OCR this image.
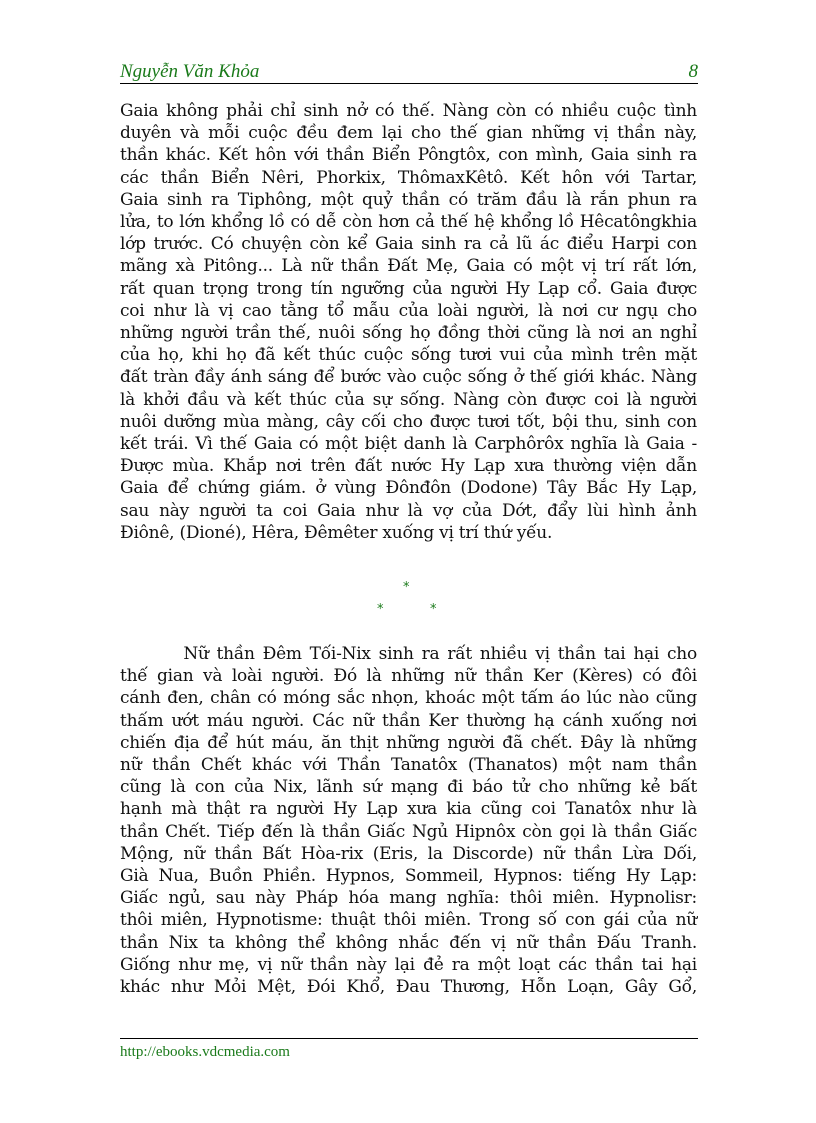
Nguyễn Văn Khỏa	8
Gaia không phải chỉ sinh nở có thế. Nàng còn có nhiều cuộc tình
duyên và mỗi cuộc đều đem lại cho thế gian những vị thần này,
thần khác. Kết hôn với thần Biển Pôngtôx, con mình, Gaia sinh ra
các thần Biển Nêri, Phorkix, ThômaxKêtô. Kết hôn với Tartar,
Gaia sinh ra Tiphông, một quỷ thần có trăm đầu là rắn phun ra
lửa, to lớn khổng lồ có dễ còn hơn cả thế hệ khổng lồ Hêcatôngkhia
lớp trước. Có chuyện còn kể Gaia sinh ra cả lũ ác điểu Harpi con
mãng xà Pitông... Là nữ thần Đất Mẹ, Gaia có một vị trí rất lớn,
rất quan trọng trong tín ngưỡng của người Hy Lạp cổ. Gaia được
coi như là vị cao tằng tổ mẫu của loài người, là nơi cư ngụ cho
những người trần thế, nuôi sống họ đồng thời cũng là nơi an nghỉ
của họ, khi họ đã kết thúc cuộc sống tươi vui của mình trên mặt
đất tràn đầy ánh sáng để bước vào cuộc sống ở thế giới khác. Nàng
là khởi đầu và kết thúc của sự sống. Nàng còn được coi là người
nuôi dưỡng mùa màng, cây cối cho được tươi tốt, bội thu, sinh con
kết trái. Vì thế Gaia có một biệt danh là Carphôrôx nghĩa là Gaia -
Được mùa. Khắp nơi trên đất nước Hy Lạp xưa thường viện dẫn
Gaia để chứng giám. ở vùng Đônđôn (Dodone) Tây Bắc Hy Lạp,
sau này người ta coi Gaia như là vợ của Dớt, đẩy lùi hình ảnh
Điônê, (Dioné), Hêra, Đêmêter xuống vị trí thứ yếu.
*
*	*
Nữ thần Đêm Tối-Nix sinh ra rất nhiều vị thần tai hại cho
thế gian và loài người. Đó là những nữ thần Ker (Kères) có đôi
cánh đen, chân có móng sắc nhọn, khoác một tấm áo lúc nào cũng
thấm ướt máu người. Các nữ thần Ker thường hạ cánh xuống nơi
chiến địa để hút máu, ăn thịt những người đã chết. Đây là những
nữ thần Chết khác với Thần Tanatôx (Thanatos) một nam thần
cũng là con của Nix, lãnh sứ mạng đi báo tử cho những kẻ bất
hạnh mà thật ra người Hy Lạp xưa kia cũng coi Tanatôx như là
thần Chết. Tiếp đến là thần Giấc Ngủ Hipnôx còn gọi là thần Giấc
Mộng, nữ thần Bất Hòa-rix (Eris, la Discorde) nữ thần Lừa Dối,
Già Nua, Buồn Phiền. Hypnos, Sommeil, Hypnos: tiếng Hy Lạp:
Giấc ngủ, sau này Pháp hóa mang nghĩa: thôi miên. Hypnolisr:
thôi miên, Hypnotisme: thuật thôi miên. Trong số con gái của nữ
thần Nix ta không thể không nhắc đến vị nữ thần Đấu Tranh.
Giống như mẹ, vị nữ thần này lại đẻ ra một loạt các thần tai hại
khác như Mỏi Mệt, Đói Khổ, Đau Thương, Hỗn Loạn, Gây Gổ,
http://ebooks.vdcmedia.com
